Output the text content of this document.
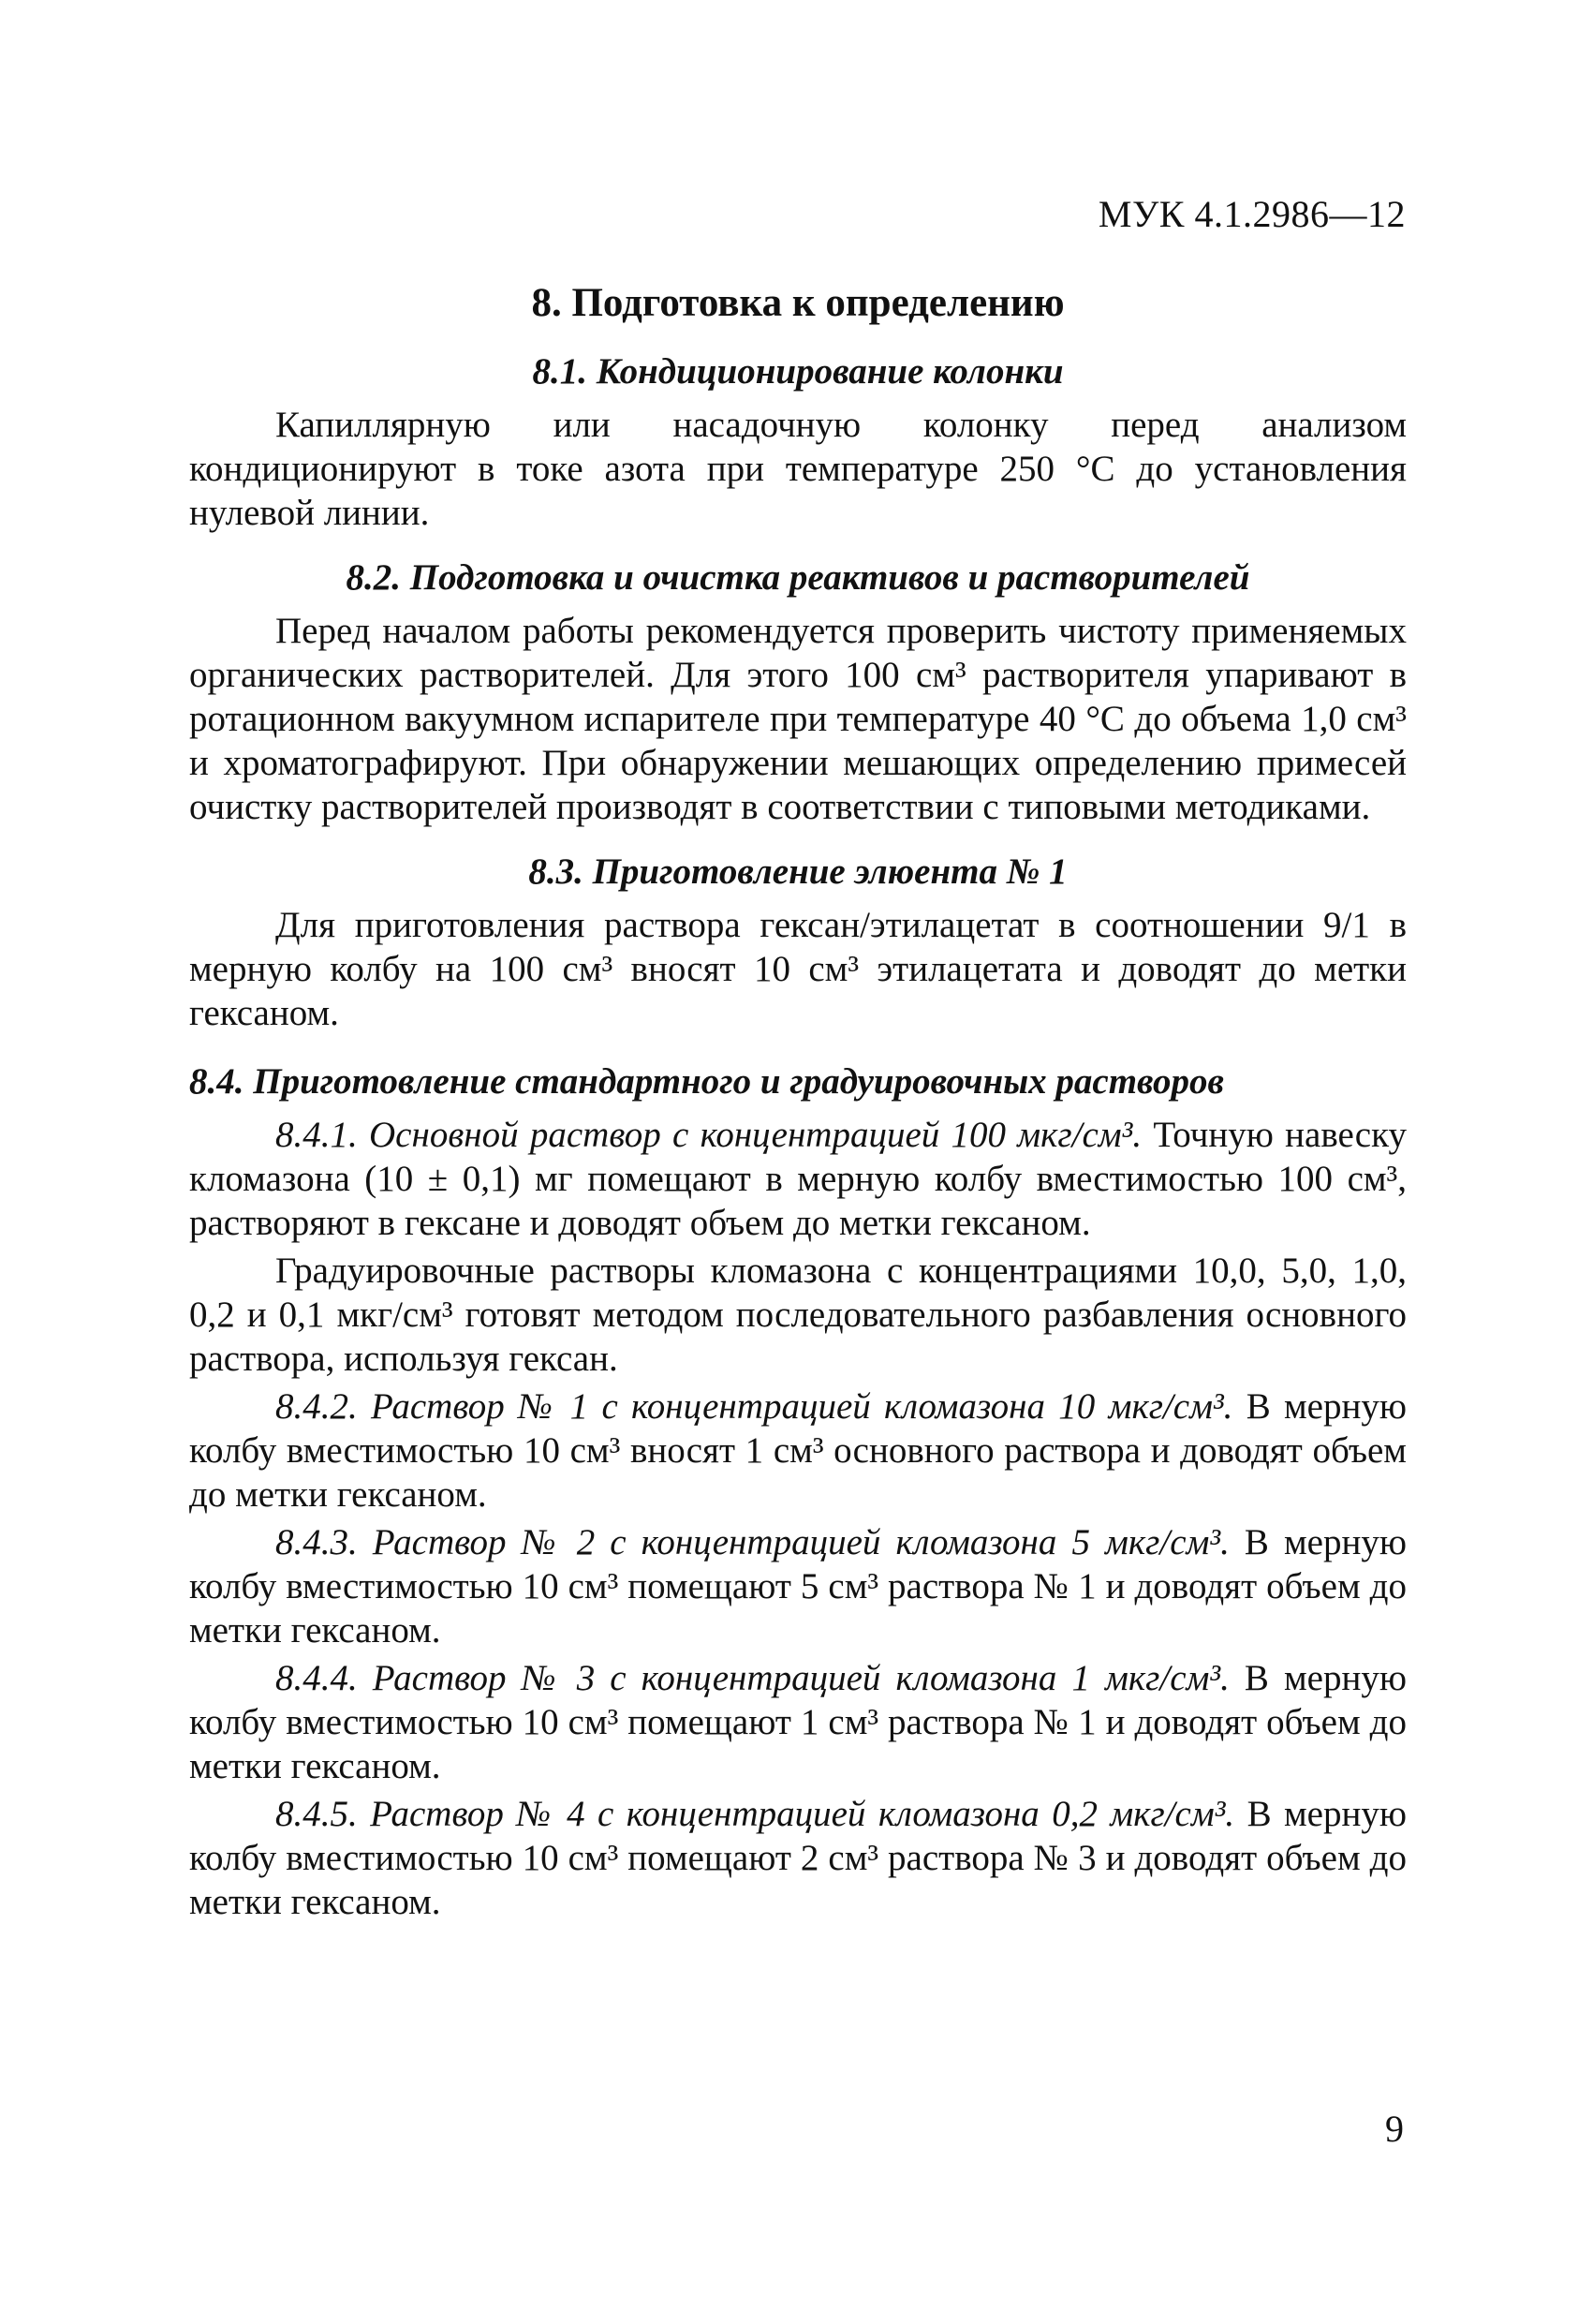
МУК 4.1.2986—12
8. Подготовка к определению
8.1. Кондиционирование колонки

Капиллярную или насадочную колонку перед анализом кондиционируют в токе азота при температуре 250 °С до установления нулевой линии.

8.2. Подготовка и очистка реактивов и растворителей

Перед началом работы рекомендуется проверить чистоту применяемых органических растворителей. Для этого 100 см³ растворителя упаривают в ротационном вакуумном испарителе при температуре 40 °С до объема 1,0 см³ и хроматографируют. При обнаружении мешающих определению примесей очистку растворителей производят в соответствии с типовыми методиками.

8.3. Приготовление элюента № 1

Для приготовления раствора гексан/этилацетат в соотношении 9/1 в мерную колбу на 100 см³ вносят 10 см³ этилацетата и доводят до метки гексаном.

8.4. Приготовление стандартного и градуировочных растворов

8.4.1. Основной раствор с концентрацией 100 мкг/см³. Точную навеску кломазона (10 ± 0,1) мг помещают в мерную колбу вместимостью 100 см³, растворяют в гексане и доводят объем до метки гексаном.

Градуировочные растворы кломазона с концентрациями 10,0, 5,0, 1,0, 0,2 и 0,1 мкг/см³ готовят методом последовательного разбавления основного раствора, используя гексан.

8.4.2. Раствор № 1 с концентрацией кломазона 10 мкг/см³. В мерную колбу вместимостью 10 см³ вносят 1 см³ основного раствора и доводят объем до метки гексаном.

8.4.3. Раствор № 2 с концентрацией кломазона 5 мкг/см³. В мерную колбу вместимостью 10 см³ помещают 5 см³ раствора № 1 и доводят объем до метки гексаном.

8.4.4. Раствор № 3 с концентрацией кломазона 1 мкг/см³. В мерную колбу вместимостью 10 см³ помещают 1 см³ раствора № 1 и доводят объем до метки гексаном.

8.4.5. Раствор № 4 с концентрацией кломазона 0,2 мкг/см³. В мерную колбу вместимостью 10 см³ помещают 2 см³ раствора № 3 и доводят объем до метки гексаном.

9
